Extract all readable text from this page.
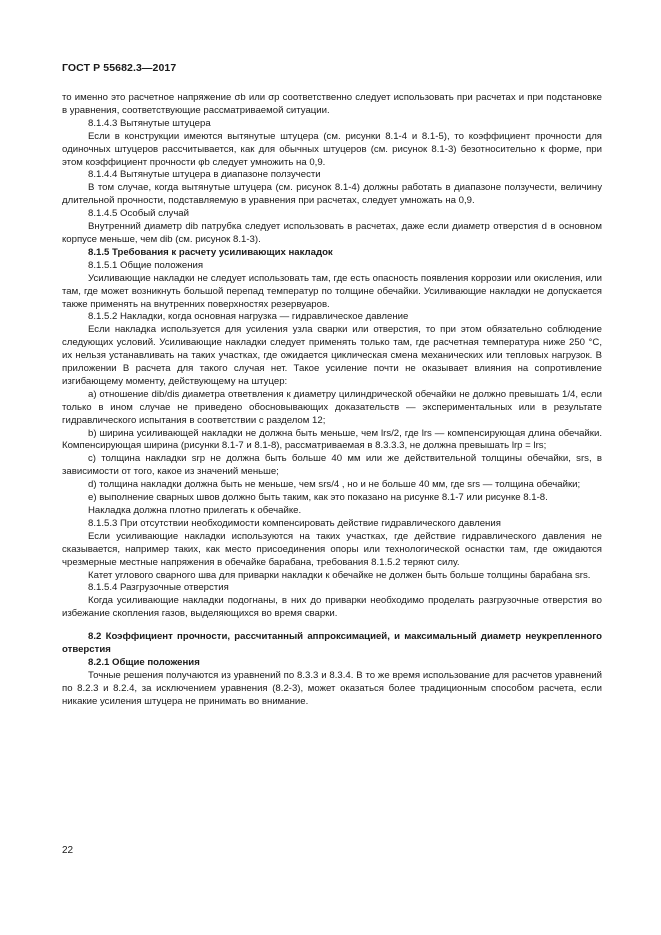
ГОСТ Р 55682.3—2017

то именно это расчетное напряжение σb или σp соответственно следует использовать при расчетах и при подстановке в уравнения, соответствующие рассматриваемой ситуации.

8.1.4.3 Вытянутые штуцера

Если в конструкции имеются вытянутые штуцера (см. рисунки 8.1-4 и 8.1-5), то коэффициент прочности для одиночных штуцеров рассчитывается, как для обычных штуцеров (см. рисунок 8.1-3) безотносительно к форме, при этом коэффициент прочности φb следует умножить на 0,9.

8.1.4.4 Вытянутые штуцера в диапазоне ползучести

В том случае, когда вытянутые штуцера (см. рисунок 8.1-4) должны работать в диапазоне ползучести, величину длительной прочности, подставляемую в уравнения при расчетах, следует умножать на 0,9.

8.1.4.5 Особый случай

Внутренний диаметр dib патрубка следует использовать в расчетах, даже если диаметр отверстия d в основном корпусе меньше, чем dib (см. рисунок 8.1-3).

8.1.5 Требования к расчету усиливающих накладок

8.1.5.1 Общие положения

Усиливающие накладки не следует использовать там, где есть опасность появления коррозии или окисления, или там, где может возникнуть большой перепад температур по толщине обечайки. Усиливающие накладки не допускается также применять на внутренних поверхностях резервуаров.

8.1.5.2 Накладки, когда основная нагрузка — гидравлическое давление

Если накладка используется для усиления узла сварки или отверстия, то при этом обязательно соблюдение следующих условий. Усиливающие накладки следует применять только там, где расчетная температура ниже 250 °С, их нельзя устанавливать на таких участках, где ожидается циклическая смена механических или тепловых нагрузок. В приложении В расчета для такого случая нет. Такое усиление почти не оказывает влияния на сопротивление изгибающему моменту, действующему на штуцер:

a) отношение dib/dis диаметра ответвления к диаметру цилиндрической обечайки не должно превышать 1/4, если только в ином случае не приведено обосновывающих доказательств — экспериментальных или в результате гидравлического испытания в соответствии с разделом 12;

b) ширина усиливающей накладки не должна быть меньше, чем lrs/2, где lrs — компенсирующая длина обечайки. Компенсирующая ширина (рисунки 8.1-7 и 8.1-8), рассматриваемая в 8.3.3.3, не должна превышать lrp = lrs;

c) толщина накладки srp не должна быть больше 40 мм или же действительной толщины обечайки, srs, в зависимости от того, какое из значений меньше;

d) толщина накладки должна быть не меньше, чем srs/4 , но и не больше 40 мм, где srs — толщина обечайки;

e) выполнение сварных швов должно быть таким, как это показано на рисунке 8.1-7 или рисунке 8.1-8.

Накладка должна плотно прилегать к обечайке.

8.1.5.3 При отсутствии необходимости компенсировать действие гидравлического давления

Если усиливающие накладки используются на таких участках, где действие гидравлического давления не сказывается, например таких, как место присоединения опоры или технологической оснастки там, где ожидаются чрезмерные местные напряжения в обечайке барабана, требования 8.1.5.2 теряют силу.

Катет углового сварного шва для приварки накладки к обечайке не должен быть больше толщины барабана srs.

8.1.5.4 Разгрузочные отверстия

Когда усиливающие накладки подогнаны, в них до приварки необходимо проделать разгрузочные отверстия во избежание скопления газов, выделяющихся во время сварки.

8.2 Коэффициент прочности, рассчитанный аппроксимацией, и максимальный диаметр неукрепленного отверстия

8.2.1 Общие положения

Точные решения получаются из уравнений по 8.3.3 и 8.3.4. В то же время использование для расчетов уравнений по 8.2.3 и 8.2.4, за исключением уравнения (8.2-3), может оказаться более традиционным способом расчета, если никакие усиления штуцера не принимать во внимание.

22
